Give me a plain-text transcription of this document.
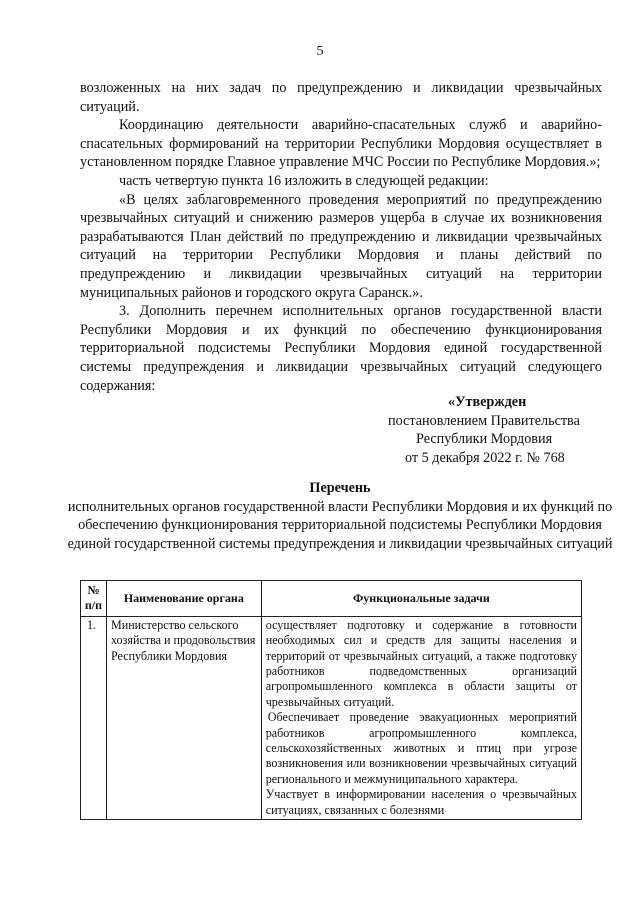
5

возложенных на них задач по предупреждению и ликвидации чрезвычайных ситуаций.

Координацию деятельности аварийно-спасательных служб и аварийно-спасательных формирований на территории Республики Мордовия осуществляет в установленном порядке Главное управление МЧС России по Республике Мордовия.»;

часть четвертую пункта 16 изложить в следующей редакции:

«В целях заблаговременного проведения мероприятий по предупреждению чрезвычайных ситуаций и снижению размеров ущерба в случае их возникновения разрабатываются План действий по предупреждению и ликвидации чрезвычайных ситуаций на территории Республики Мордовия и планы действий по предупреждению и ликвидации чрезвычайных ситуаций на территории муниципальных районов и городского округа Саранск.».

3. Дополнить перечнем исполнительных органов государственной власти Республики Мордовия и их функций по обеспечению функционирования территориальной подсистемы Республики Мордовия единой государственной системы предупреждения и ликвидации чрезвычайных ситуаций следующего содержания:

«Утвержден
постановлением Правительства
Республики Мордовия
от 5 декабря 2022 г. № 768
Перечень
исполнительных органов государственной власти Республики Мордовия и их функций по обеспечению функционирования территориальной подсистемы Республики Мордовия единой государственной системы предупреждения и ликвидации чрезвычайных ситуаций
№ п/п	Наименование органа	Функциональные задачи
1.	Министерство сельского хозяйства и продовольствия Республики Мордовия	осуществляет подготовку и содержание в готовности необходимых сил и средств для защиты населения и территорий от чрезвычайных ситуаций, а также подготовку работников подведомственных организаций агропромышленного комплекса в области защиты от чрезвычайных ситуаций.

Обеспечивает проведение эвакуационных мероприятий работников агропромышленного комплекса, сельскохозяйственных животных и птиц при угрозе возникновения или возникновении чрезвычайных ситуаций регионального и межмуниципального характера.

Участвует в информировании населения о чрезвычайных ситуациях, связанных с болезнями
